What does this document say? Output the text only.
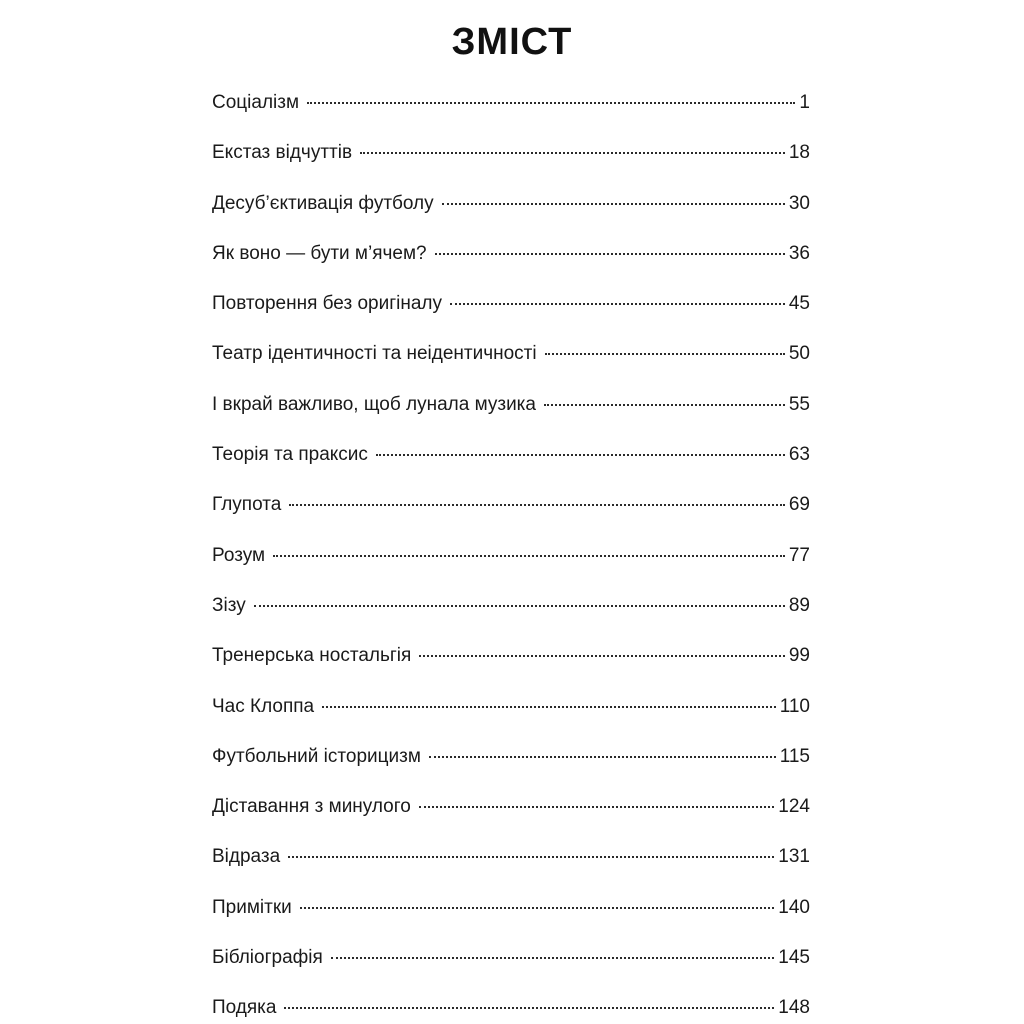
ЗМІСТ
Соціалізм	1
Екстаз відчуттів	18
Десуб’єктивація футболу	30
Як воно — бути м’ячем?	36
Повторення без оригіналу	45
Театр ідентичності та неідентичності	50
І вкрай важливо, щоб лунала музика	55
Теорія та праксис	63
Глупота	69
Розум	77
Зізу	89
Тренерська ностальгія	99
Час Клоппа	110
Футбольний історицизм	115
Діставання з минулого	124
Відраза	131
Примітки	140
Бібліографія	145
Подяка	148
